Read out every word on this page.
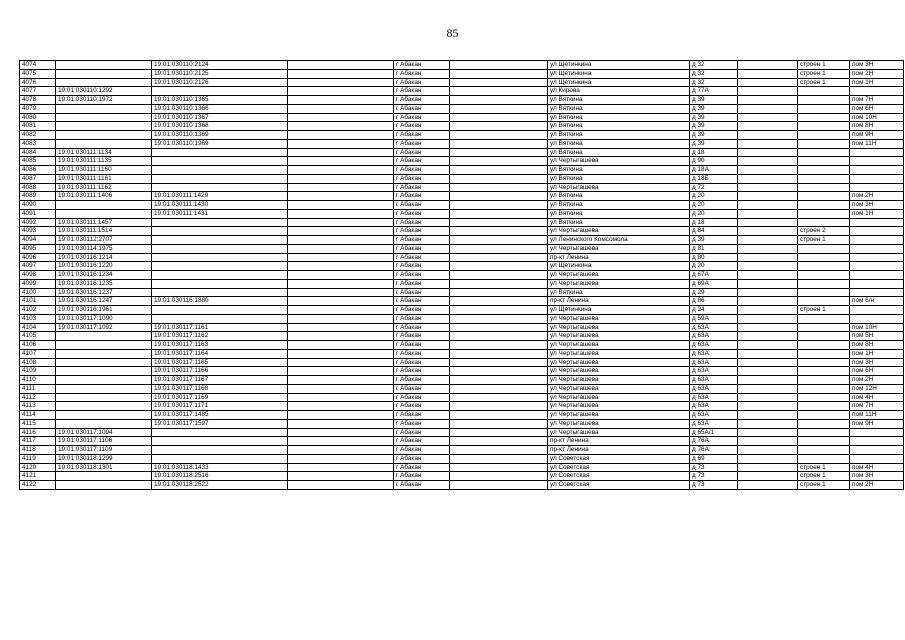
85
4074		19:01:030110:2124		г Абакан		ул Щетинкина	д 32		строен 1	пом 3Н
4075		19:01:030110:2125		г Абакан		ул Щетинкина	д 32		строен 1	пом 2Н
4076		19:01:030110:2126		г Абакан		ул Щетинкина	д 32		строен 1	пом 1Н
4077	19:01:030110:1292			г Абакан		ул Кирова	д 77А			
4078	19:01:030110:1972	19:01:030110:1365		г Абакан		ул Вяткина	д 39			пом 7Н
4079		19:01:030110:1366		г Абакан		ул Вяткина	д 39			пом 6Н
4080		19:01:030110:1367		г Абакан		ул Вяткина	д 39			пом 10Н
4081		19:01:030110:1368		г Абакан		ул Вяткина	д 39			пом 8Н
4082		19:01:030110:1369		г Абакан		ул Вяткина	д 39			пом 9Н
4083		19:01:030110:1969		г Абакан		ул Вяткина	д 39			пом 11Н
4084	19:01:030111:1134			г Абакан		ул Вяткина	д 18			
4085	19:01:030111:1135			г Абакан		ул Чертыгашева	д 90			
4086	19:01:030111:1160			г Абакан		ул Вяткина	д 18А			
4087	19:01:030111:1161			г Абакан		ул Вяткина	д 18Б			
4088	19:01:030111:1162			г Абакан		ул Чертыгашева	д 72			
4089	19:01:030111:1406	19:01:030111:1429		г Абакан		ул Вяткина	д 20			пом 2Н
4090		19:01:030111:1430		г Абакан		ул Вяткина	д 20			пом 3Н
4091		19:01:030111:1431		г Абакан		ул Вяткина	д 20			пом 1Н
4092	19:01:030111:1457			г Абакан		ул Вяткина	д 18			
4093	19:01:030111:1514			г Абакан		ул Чертыгашева	д 84		строен 2	
4094	19:01:030112:2707			г Абакан		ул Ленинского Комсомола	д 39		строен 1	
4095	19:01:030114:1975			г Абакан		ул Чертыгашева	д 81			
4096	19:01:030116:1214			г Абакан		пр-кт Ленина	д 80			
4097	19:01:030116:1220			г Абакан		ул Щетинкина	д 20			
4098	19:01:030116:1234			г Абакан		ул Чертыгашева	д 67А			
4099	19:01:030116:1235			г Абакан		ул Чертыгашева	д 69А			
4100	19:01:030116:1237			г Абакан		ул Вяткина	д 29			
4101	19:01:030116:1247	19:01:030116:1880		г Абакан		пр-кт Ленина	д 86			пом 6/н
4102	19:01:030116:1961			г Абакан		ул Щетинкина	д 24		строен 1	
4103	19:01:030117:1090			г Абакан		ул Чертыгашева	д 59А			
4104	19:01:030117:1092	19:01:030117:1161		г Абакан		ул Чертыгашева	д 63А			пом 10Н
4105		19:01:030117:1162		г Абакан		ул Чертыгашева	д 63А			пом 5Н
4106		19:01:030117:1163		г Абакан		ул Чертыгашева	д 63А			пом 8Н
4107		19:01:030117:1164		г Абакан		ул Чертыгашева	д 63А			пом 1Н
4108		19:01:030117:1165		г Абакан		ул Чертыгашева	д 63А			пом 3Н
4109		19:01:030117:1166		г Абакан		ул Чертыгашева	д 63А			пом 6Н
4110		19:01:030117:1167		г Абакан		ул Чертыгашева	д 63А			пом 2Н
4111		19:01:030117:1168		г Абакан		ул Чертыгашева	д 63А			пом 12Н
4112		19:01:030117:1169		г Абакан		ул Чертыгашева	д 63А			пом 4Н
4113		19:01:030117:1171		г Абакан		ул Чертыгашева	д 63А			пом 7Н
4114		19:01:030117:1485		г Абакан		ул Чертыгашева	д 63А			пом 11Н
4115		19:01:030117:1597		г Абакан		ул Чертыгашева	д 63А			пом 9Н
4116	19:01:030117:1094			г Абакан		ул Чертыгашева	д 65А/1			
4117	19:01:030117:1106			г Абакан		пр-кт Ленина	д 76А			
4118	19:01:030117:1109			г Абакан		пр-кт Ленина	д 76А			
4119	19:01:030118:1299			г Абакан		ул Советская	д 69			
4120	19:01:030118:1301	19:01:030118:1433		г Абакан		ул Советская	д 73		строен 1	пом 4Н
4121		19:01:030118:2516		г Абакан		ул Советская	д 73		строен 1	пом 3Н
4122		19:01:030118:2522		г Абакан		ул Советская	д 73		строен 1	пом 2Н
